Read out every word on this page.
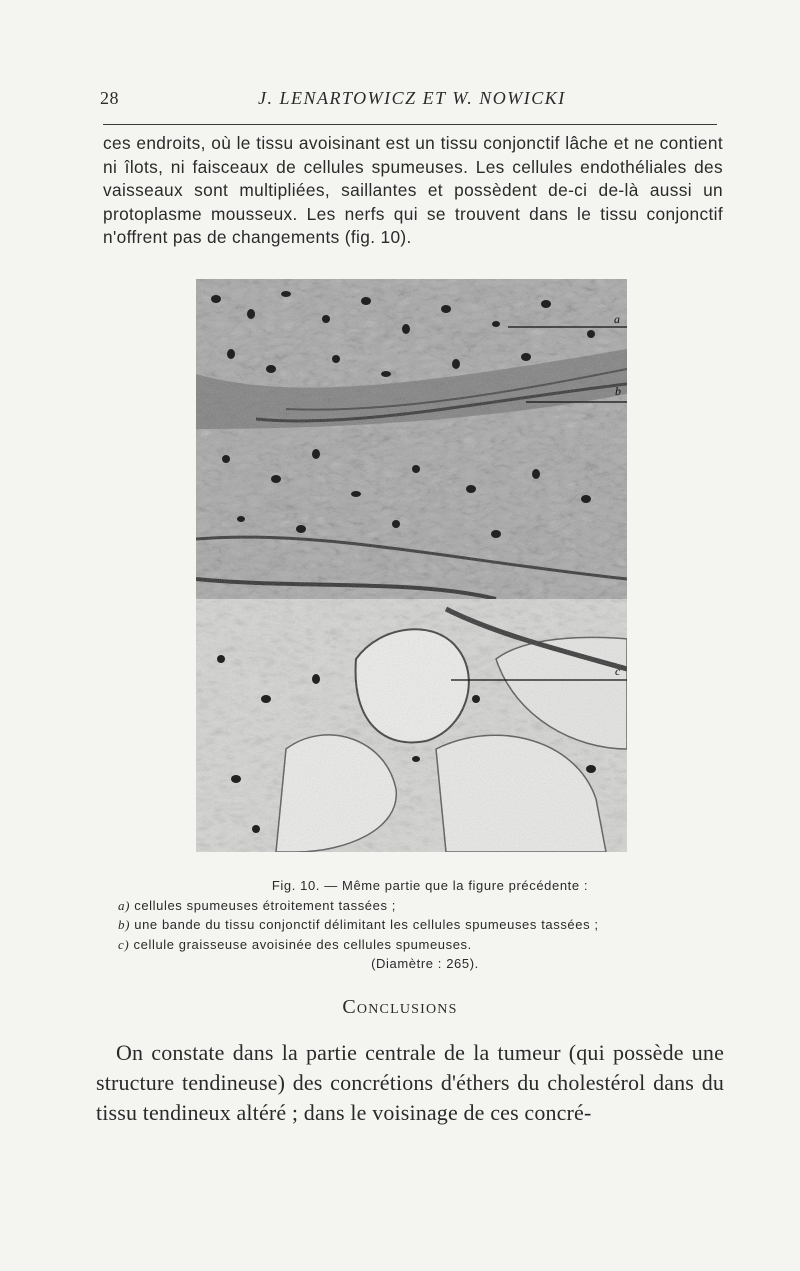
28	J. LENARTOWICZ ET W. NOWICKI

ces endroits, où le tissu avoisinant est un tissu conjonctif lâche et ne contient ni îlots, ni faisceaux de cellules spumeuses. Les cellules endothéliales des vaisseaux sont multipliées, saillantes et possèdent de-ci de-là aussi un protoplasme mousseux. Les nerfs qui se trouvent dans le tissu conjonctif n'offrent pas de changements (fig. 10).

a
b
c
Fig. 10. — Même partie que la figure précédente :
a) cellules spumeuses étroitement tassées ;
b) une bande du tissu conjonctif délimitant les cellules spumeuses tassées ;
c) cellule graisseuse avoisinée des cellules spumeuses.
(Diamètre : 265).
Conclusions

On constate dans la partie centrale de la tumeur (qui possède une structure tendineuse) des concrétions d'éthers du cholestérol dans du tissu tendineux altéré ; dans le voisinage de ces concré-
